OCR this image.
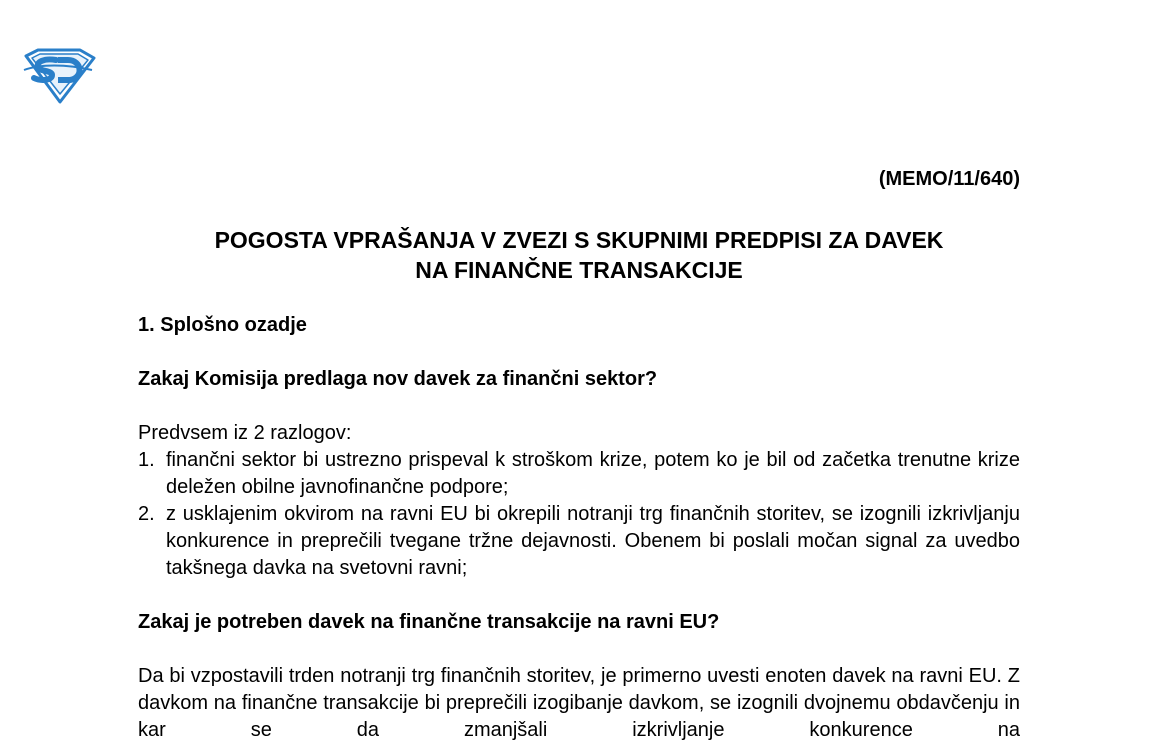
(MEMO/11/640)
POGOSTA VPRAŠANJA V ZVEZI S SKUPNIMI PREDPISI ZA DAVEK
NA FINANČNE TRANSAKCIJE
1. Splošno ozadje
Zakaj Komisija predlaga nov davek za finančni sektor?

Predvsem iz 2 razlogov:

1. finančni sektor bi ustrezno prispeval k stroškom krize, potem ko je bil od začetka trenutne krize deležen obilne javnofinančne podpore;
2. z usklajenim okvirom na ravni EU bi okrepili notranji trg finančnih storitev, se izognili izkrivljanju konkurence in preprečili tvegane tržne dejavnosti. Obenem bi poslali močan signal za uvedbo takšnega davka na svetovni ravni;
Zakaj je potreben davek na finančne transakcije na ravni EU?

Da bi vzpostavili trden notranji trg finančnih storitev, je primerno uvesti enoten davek na ravni EU. Z davkom na finančne transakcije bi preprečili izogibanje davkom, se izognili dvojnemu obdavčenju in kar se da zmanjšali izkrivljanje konkurence na
